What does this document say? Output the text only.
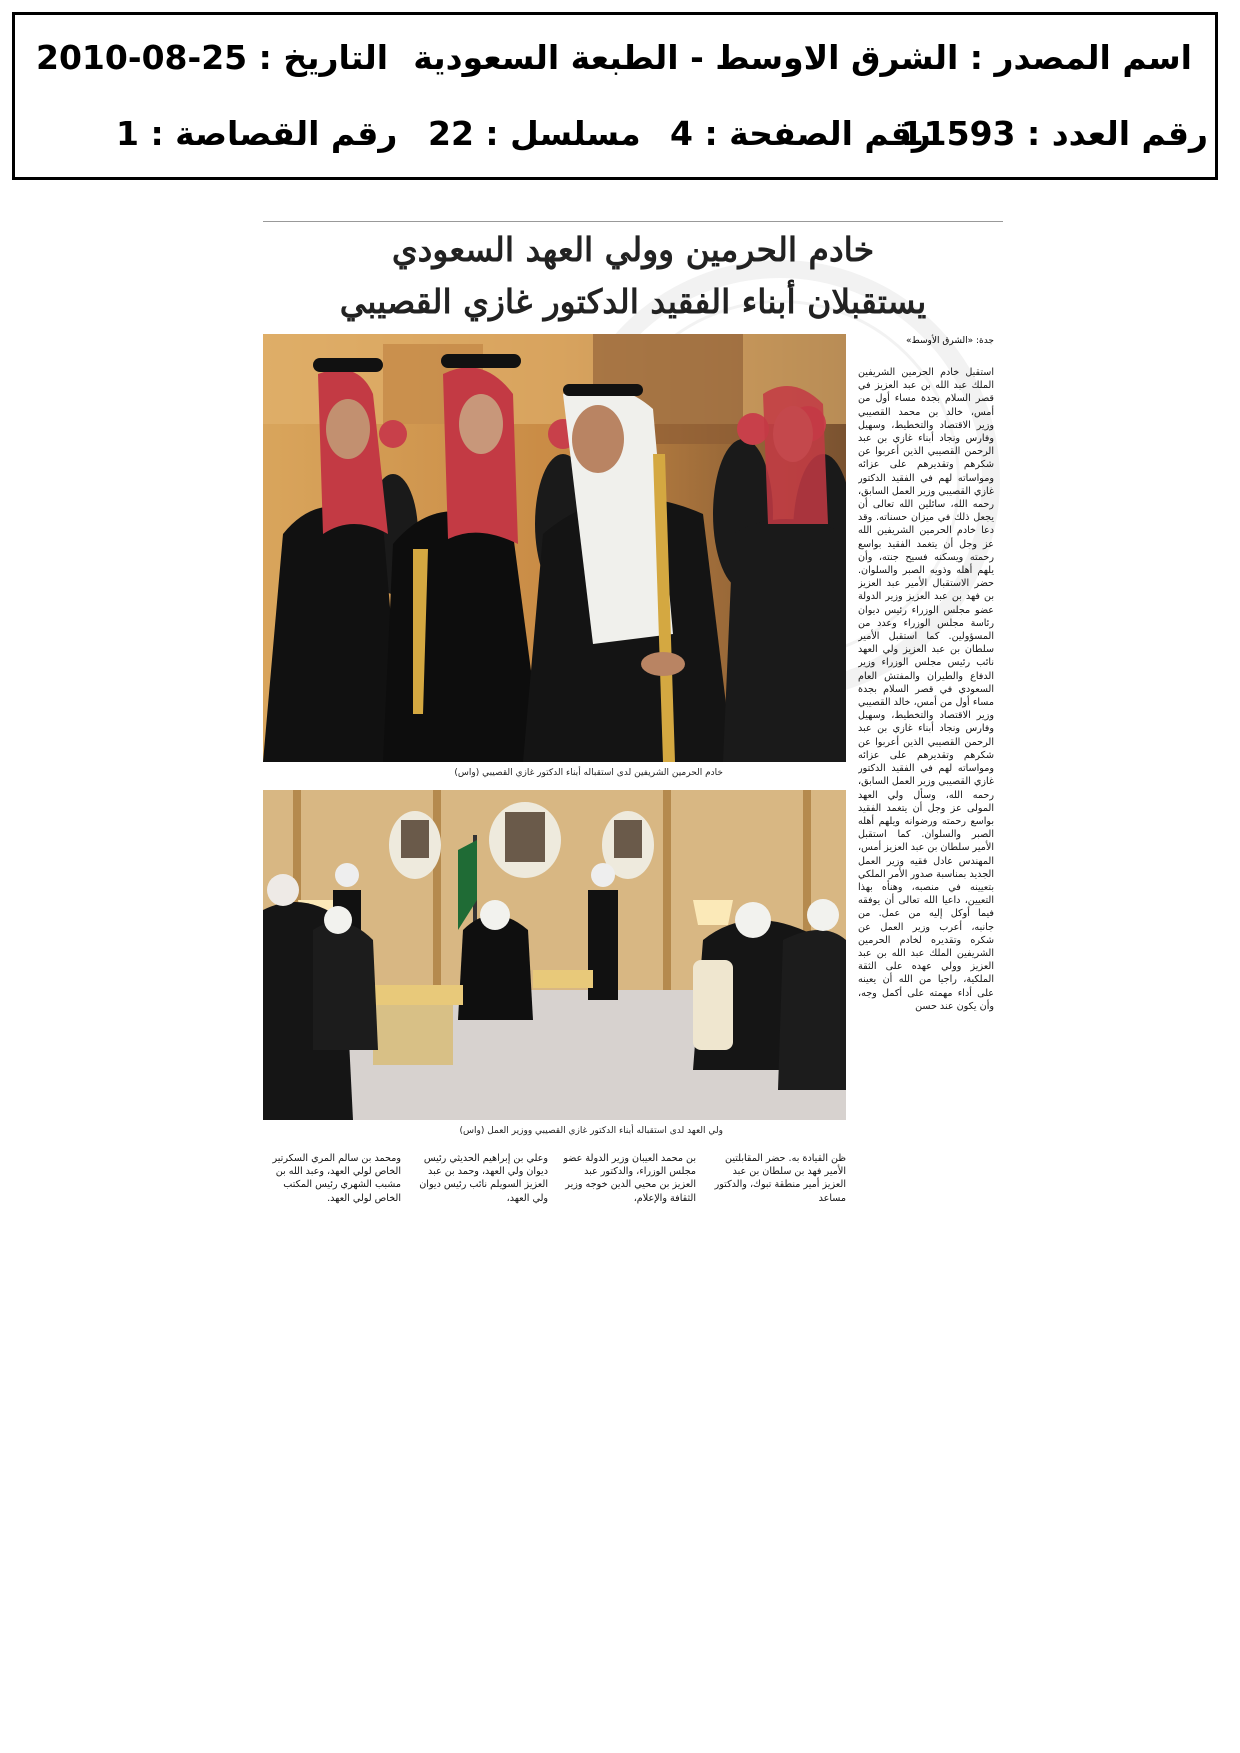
اسم المصدر : الشرق الاوسط - الطبعة السعودية
التاريخ : 25-08-2010
رقم العدد : 11593
رقم الصفحة : 4
مسلسل : 22
رقم القصاصة : 1
خادم الحرمين وولي العهد السعودي
يستقبلان أبناء الفقيد الدكتور غازي القصيبي
جدة: «الشرق الأوسط»
خادم الحرمين الشريفين لدى استقباله أبناء الدكتور غازي القصيبي (واس)
ولي العهد لدى استقباله أبناء الدكتور غازي القصيبي ووزير العمل (واس)
استقبل خادم الحرمين الشريفين الملك عبد الله بن عبد العزيز في قصر السلام بجدة مساء أول من أمس، خالد بن محمد القصيبي وزير الاقتصاد والتخطيط، وسهيل وفارس ونجاد أبناء غازي بن عبد الرحمن القصيبي الذين أعربوا عن شكرهم وتقديرهم على عزائه ومواساته لهم في الفقيد الدكتور غازي القصيبي وزير العمل السابق، رحمه الله، سائلين الله تعالى أن يجعل ذلك في ميزان حسناته. وقد دعا خادم الحرمين الشريفين الله عز وجل أن يتغمد الفقيد بواسع رحمته ويسكنه فسيح جنته، وأن يلهم أهله وذويه الصبر والسلوان. حضر الاستقبال الأمير عبد العزيز بن فهد بن عبد العزيز وزير الدولة عضو مجلس الوزراء رئيس ديوان رئاسة مجلس الوزراء وعدد من المسؤولين. كما استقبل الأمير سلطان بن عبد العزيز ولي العهد نائب رئيس مجلس الوزراء وزير الدفاع والطيران والمفتش العام السعودي في قصر السلام بجدة مساء أول من أمس، خالد القصيبي وزير الاقتصاد والتخطيط، وسهيل وفارس ونجاد أبناء غازي بن عبد الرحمن القصيبي الذين أعربوا عن شكرهم وتقديرهم على عزائه ومواساته لهم في الفقيد الدكتور غازي القصيبي وزير العمل السابق، رحمه الله، وسأل ولي العهد المولى عز وجل أن يتغمد الفقيد بواسع رحمته ورضوانه ويلهم أهله الصبر والسلوان. كما استقبل الأمير سلطان بن عبد العزيز أمس، المهندس عادل فقيه وزير العمل الجديد بمناسبة صدور الأمر الملكي بتعيينه في منصبه، وهنأه بهذا التعيين، داعيا الله تعالى أن يوفقه فيما أوكل إليه من عمل. من جانبه، أعرب وزير العمل عن شكره وتقديره لخادم الحرمين الشريفين الملك عبد الله بن عبد العزيز وولي عهده على الثقة الملكية، راجيا من الله أن يعينه على أداء مهمته على أكمل وجه، وأن يكون عند حسن
ظن القيادة به. حضر المقابلتين الأمير فهد بن سلطان بن عبد العزيز أمير منطقة تبوك، والدكتور مساعد
بن محمد العيبان وزير الدولة عضو مجلس الوزراء، والدكتور عبد العزيز بن محيي الدين خوجه وزير الثقافة والإعلام،
وعلي بن إبراهيم الحديثي رئيس ديوان ولي العهد، وحمد بن عبد العزيز السويلم نائب رئيس ديوان ولي العهد،
ومحمد بن سالم المري السكرتير الخاص لولي العهد، وعبد الله بن مشبب الشهري رئيس المكتب الخاص لولي العهد.
